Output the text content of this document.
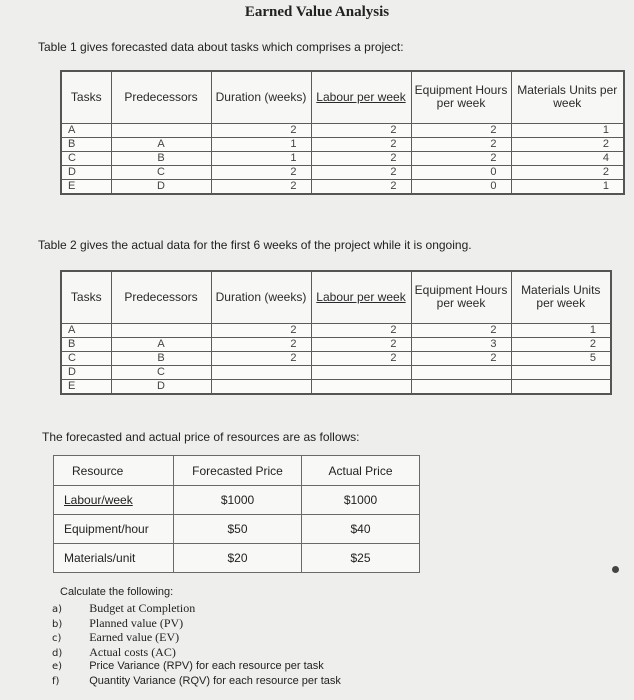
Earned Value Analysis
Table 1 gives forecasted data about tasks which comprises a project:
Tasks	Predecessors	Duration (weeks)	Labour per week	Equipment Hours per week	Materials Units per week
A		2	2	2	1
B	A	1	2	2	2
C	B	1	2	2	4
D	C	2	2	0	2
E	D	2	2	0	1
Table 2 gives the actual data for the first 6 weeks of the project while it is ongoing.
Tasks	Predecessors	Duration (weeks)	Labour per week	Equipment Hours per week	Materials Units per week
A		2	2	2	1
B	A	2	2	3	2
C	B	2	2	2	5
D	C				
E	D				
The forecasted and actual price of resources are as follows:
Resource	Forecasted Price	Actual Price
Labour/week	$1000	$1000
Equipment/hour	$50	$40
Materials/unit	$20	$25
Calculate the following:
a) Budget at Completion
b) Planned value (PV)
c) Earned value (EV)
d) Actual costs (AC)
e) Price Variance (RPV) for each resource per task
f)	Quantity Variance (RQV) for each resource per task
